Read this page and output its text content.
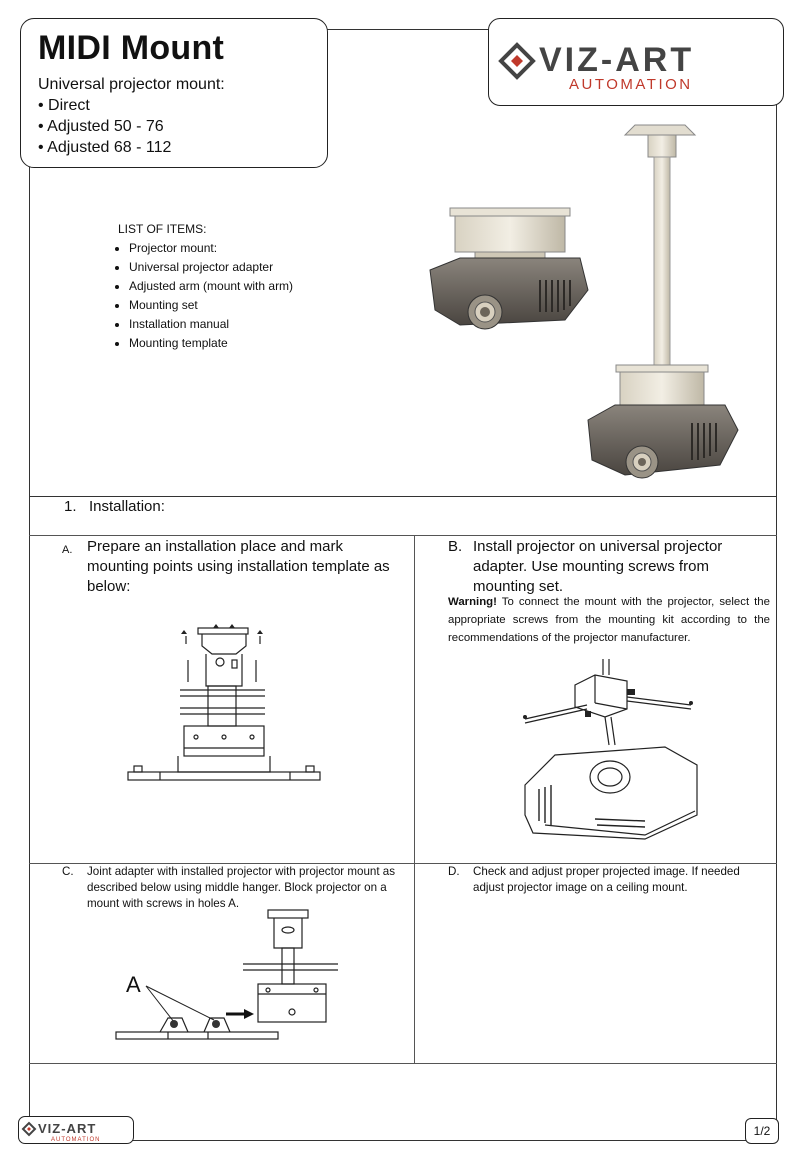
MIDI Mount
Universal projector mount:
• Direct
• Adjusted 50 - 76
• Adjusted 68 - 112
VIZ-ART
AUTOMATION
LIST OF ITEMS:
• Projector mount:
• Universal projector adapter
• Adjusted arm (mount with arm)
• Mounting set
• Installation manual
• Mounting template
1. Installation:
A. Prepare an installation place and mark mounting points using installation template as below:
B. Install projector on universal projector adapter. Use mounting screws from mounting set.
Warning! To connect the mount with the projector, select the appropriate screws from the mounting kit according to the recommendations of the projector manufacturer.
C. Joint adapter with installed projector with projector mount as described below using middle hanger. Block projector on a mount with screws in holes A.
A
D. Check and adjust proper projected image. If needed adjust projector image on a ceiling mount.
VIZ-ART
AUTOMATION
1/2
